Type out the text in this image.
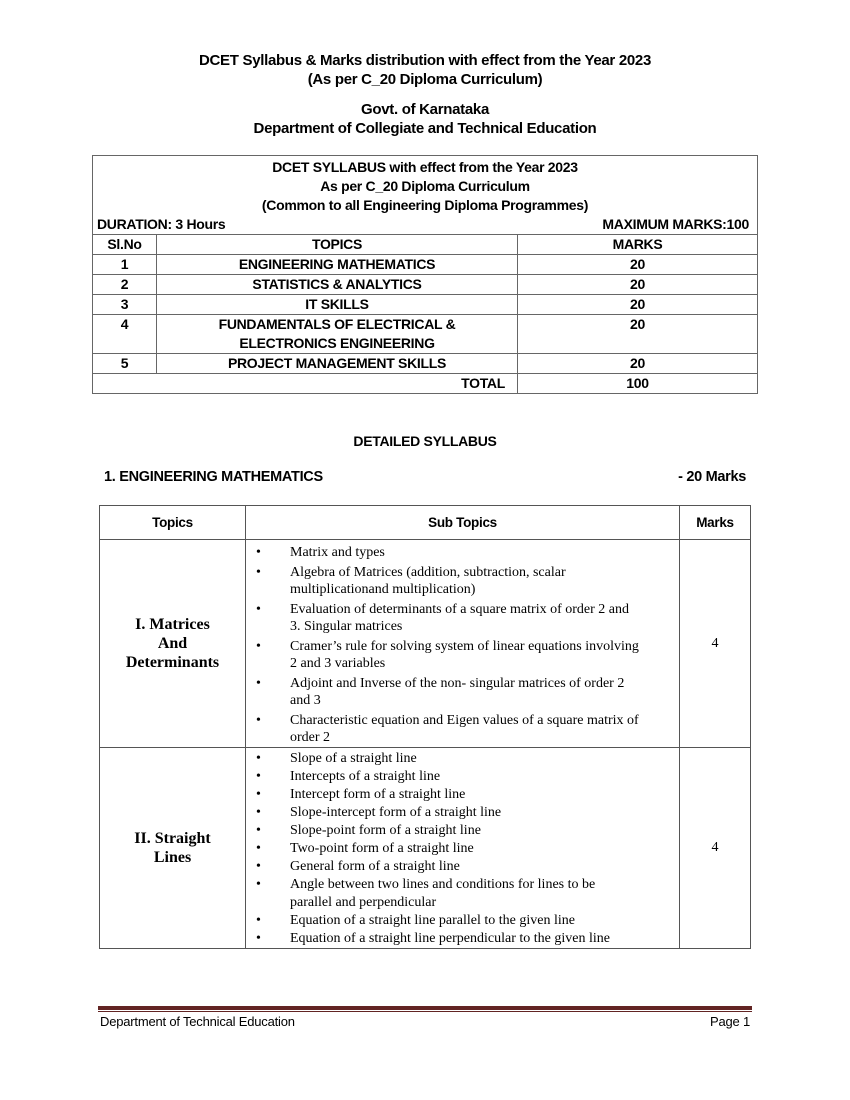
DCET Syllabus & Marks distribution with effect from the Year 2023
(As per C_20 Diploma Curriculum)
Govt. of Karnataka
Department of Collegiate and Technical Education
DCET SYLLABUS with effect from the Year 2023
As per C_20 Diploma Curriculum
(Common to all Engineering Diploma Programmes)		

DURATION: 3 Hours MAXIMUM MARKS:100		

Sl.No	TOPICS	MARKS
1	ENGINEERING MATHEMATICS	20
2	STATISTICS & ANALYTICS	20
3	IT SKILLS	20
4	FUNDAMENTALS OF ELECTRICAL &
ELECTRONICS ENGINEERING	20
5	PROJECT MANAGEMENT SKILLS	20
TOTAL		100
DETAILED SYLLABUS
1. ENGINEERING MATHEMATICS	- 20 Marks
Topics	Sub Topics	Marks

I. Matrices
And
Determinants

• Matrix and types
• Algebra of Matrices (addition, subtraction, scalar multiplicationand multiplication)
• Evaluation of determinants of a square matrix of order 2 and 3. Singular matrices
• Cramer’s rule for solving system of linear equations involving 2 and 3 variables
• Adjoint and Inverse of the non- singular matrices of order 2 and 3
• Characteristic equation and Eigen values of a square matrix of order 2
	4

II. Straight
Lines

• Slope of a straight line
• Intercepts of a straight line
• Intercept form of a straight line
• Slope-intercept form of a straight line
• Slope-point form of a straight line
• Two-point form of a straight line
• General form of a straight line
• Angle between two lines and conditions for lines to be parallel and perpendicular
• Equation of a straight line parallel to the given line
• Equation of a straight line perpendicular to the given line
	4
Department of Technical Education	Page 1
